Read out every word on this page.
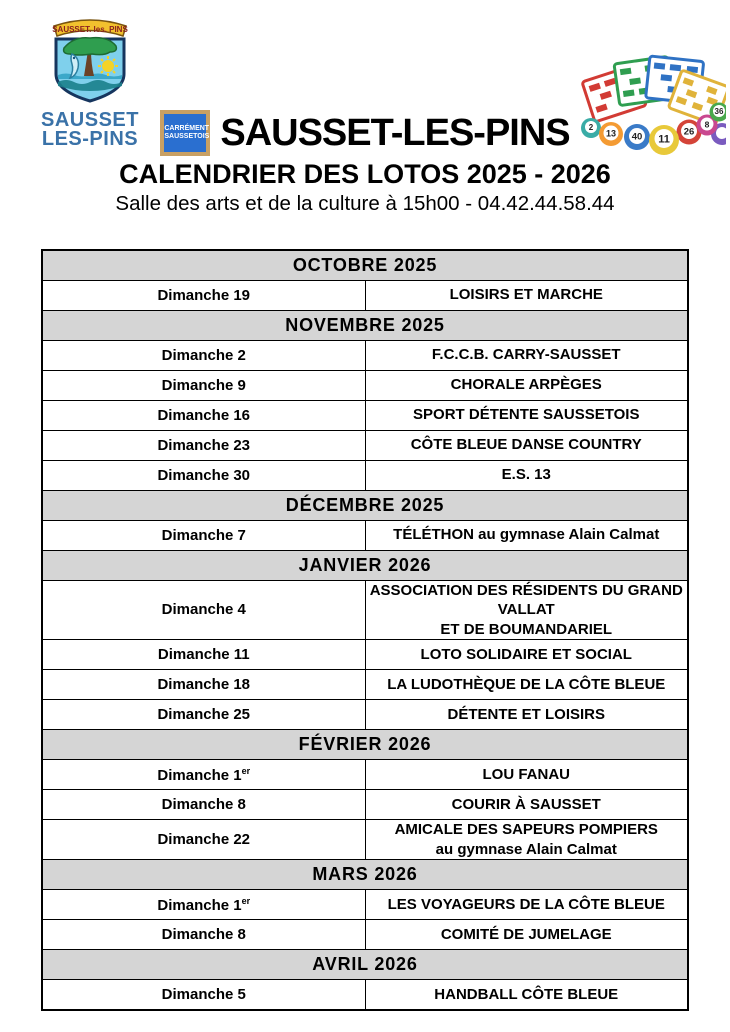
SAUSSET. les. PINS
SAUSSET
LES-PINS
2
13 40	26
8
36
11
CARRÉMENT
SAUSSETOIS SAUSSET-LES-PINS
CALENDRIER DES LOTOS 2025 - 2026
Salle des arts et de la culture à 15h00 - 04.42.44.58.44
OCTOBRE 2025	
Dimanche 19	LOISIRS ET MARCHE
NOVEMBRE 2025	
Dimanche 2	F.C.C.B. CARRY-SAUSSET
Dimanche 9	CHORALE ARPÈGES
Dimanche 16	SPORT DÉTENTE SAUSSETOIS
Dimanche 23	CÔTE BLEUE DANSE COUNTRY
Dimanche 30	E.S. 13
DÉCEMBRE 2025	
Dimanche 7	TÉLÉTHON au gymnase Alain Calmat
JANVIER 2026	
Dimanche 4	ASSOCIATION DES RÉSIDENTS DU GRAND VALLAT
ET DE BOUMANDARIEL
Dimanche 11	LOTO SOLIDAIRE ET SOCIAL
Dimanche 18	LA LUDOTHÈQUE DE LA CÔTE BLEUE
Dimanche 25	DÉTENTE ET LOISIRS
FÉVRIER 2026	
Dimanche 1er	LOU FANAU
Dimanche 8	COURIR À SAUSSET
Dimanche 22	AMICALE DES SAPEURS POMPIERS
au gymnase Alain Calmat
MARS 2026	
Dimanche 1er	LES VOYAGEURS DE LA CÔTE BLEUE
Dimanche 8	COMITÉ DE JUMELAGE
AVRIL 2026	
Dimanche 5	HANDBALL CÔTE BLEUE
